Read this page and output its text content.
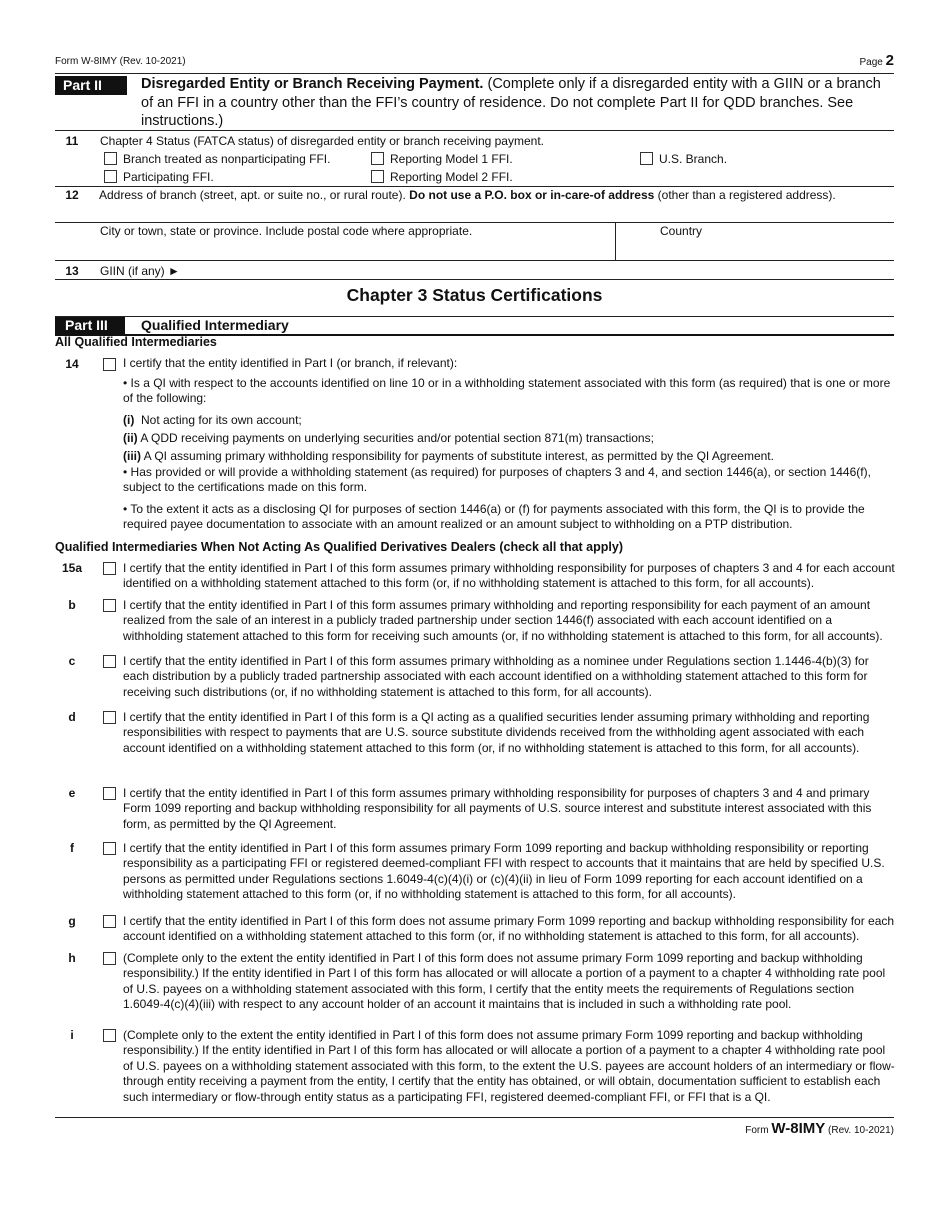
Form W-8IMY (Rev. 10-2021)	Page 2
Part II	Disregarded Entity or Branch Receiving Payment. (Complete only if a disregarded entity with a GIIN or a branch of an FFI in a country other than the FFI’s country of residence. Do not complete Part II for QDD branches. See instructions.)
11	Chapter 4 Status (FATCA status) of disregarded entity or branch receiving payment.
Branch treated as nonparticipating FFI.	Reporting Model 1 FFI.	U.S. Branch.
Participating FFI.	Reporting Model 2 FFI.
12	Address of branch (street, apt. or suite no., or rural route). Do not use a P.O. box or in-care-of address (other than a registered address).
City or town, state or province. Include postal code where appropriate.	Country
13	GIIN (if any) ►
Chapter 3 Status Certifications
Part III	Qualified Intermediary
All Qualified Intermediaries
14	I certify that the entity identified in Part I (or branch, if relevant):
• Is a QI with respect to the accounts identified on line 10 or in a withholding statement associated with this form (as required) that is one or more of the following:
(i) Not acting for its own account;
(ii) A QDD receiving payments on underlying securities and/or potential section 871(m) transactions;
(iii) A QI assuming primary withholding responsibility for payments of substitute interest, as permitted by the QI Agreement.
• Has provided or will provide a withholding statement (as required) for purposes of chapters 3 and 4, and section 1446(a), or section 1446(f), subject to the certifications made on this form.
• To the extent it acts as a disclosing QI for purposes of section 1446(a) or (f) for payments associated with this form, the QI is to provide the required payee documentation to associate with an amount realized or an amount subject to withholding on a PTP distribution.
Qualified Intermediaries When Not Acting As Qualified Derivatives Dealers (check all that apply)
15a	I certify that the entity identified in Part I of this form assumes primary withholding responsibility for purposes of chapters 3 and 4 for each account identified on a withholding statement attached to this form (or, if no withholding statement is attached to this form, for all accounts).
b	I certify that the entity identified in Part I of this form assumes primary withholding and reporting responsibility for each payment of an amount realized from the sale of an interest in a publicly traded partnership under section 1446(f) associated with each account identified on a withholding statement attached to this form for receiving such amounts (or, if no withholding statement is attached to this form, for all accounts).
c	I certify that the entity identified in Part I of this form assumes primary withholding as a nominee under Regulations section 1.1446-4(b)(3) for each distribution by a publicly traded partnership associated with each account identified on a withholding statement attached to this form for receiving such distributions (or, if no withholding statement is attached to this form, for all accounts).
d	I certify that the entity identified in Part I of this form is a QI acting as a qualified securities lender assuming primary withholding and reporting responsibilities with respect to payments that are U.S. source substitute dividends received from the withholding agent associated with each account identified on a withholding statement attached to this form (or, if no withholding statement is attached to this form, for all accounts).
e	I certify that the entity identified in Part I of this form assumes primary withholding responsibility for purposes of chapters 3 and 4 and primary Form 1099 reporting and backup withholding responsibility for all payments of U.S. source interest and substitute interest associated with this form, as permitted by the QI Agreement.
f	I certify that the entity identified in Part I of this form assumes primary Form 1099 reporting and backup withholding responsibility or reporting responsibility as a participating FFI or registered deemed-compliant FFI with respect to accounts that it maintains that are held by specified U.S. persons as permitted under Regulations sections 1.6049-4(c)(4)(i) or (c)(4)(ii) in lieu of Form 1099 reporting for each account identified on a withholding statement attached to this form (or, if no withholding statement is attached to this form, for all accounts).
g	I certify that the entity identified in Part I of this form does not assume primary Form 1099 reporting and backup withholding responsibility for each account identified on a withholding statement attached to this form (or, if no withholding statement is attached to this form, for all accounts).
h	(Complete only to the extent the entity identified in Part I of this form does not assume primary Form 1099 reporting and backup withholding responsibility.) If the entity identified in Part I of this form has allocated or will allocate a portion of a payment to a chapter 4 withholding rate pool of U.S. payees on a withholding statement associated with this form, I certify that the entity meets the requirements of Regulations section 1.6049-4(c)(4)(iii) with respect to any account holder of an account it maintains that is included in such a withholding rate pool.
i	(Complete only to the extent the entity identified in Part I of this form does not assume primary Form 1099 reporting and backup withholding responsibility.) If the entity identified in Part I of this form has allocated or will allocate a portion of a payment to a chapter 4 withholding rate pool of U.S. payees on a withholding statement associated with this form, to the extent the U.S. payees are account holders of an intermediary or flow-through entity receiving a payment from the entity, I certify that the entity has obtained, or will obtain, documentation sufficient to establish each such intermediary or flow-through entity status as a participating FFI, registered deemed-compliant FFI, or FFI that is a QI.
Form W-8IMY (Rev. 10-2021)
